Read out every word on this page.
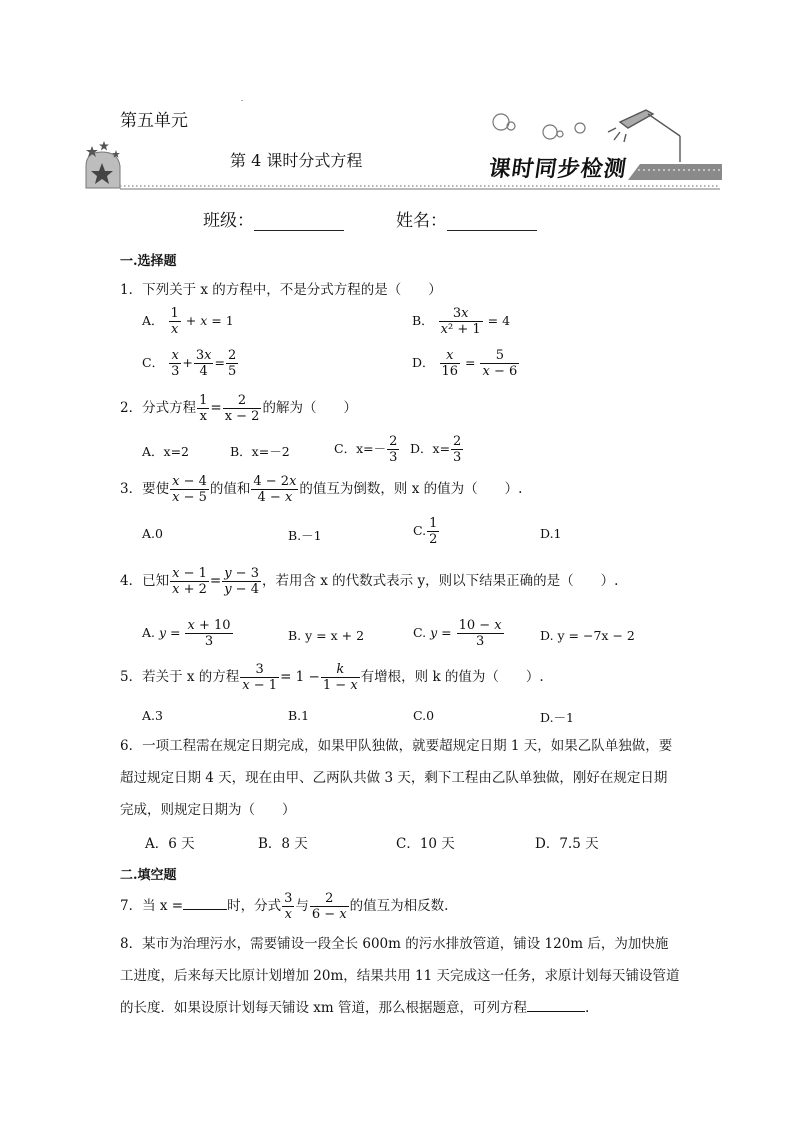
第五单元
第 4 课时分式方程	课时同步检测
班级：	姓名：
一.选择题
1．下列关于 x 的方程中，不是分式方程的是（　　）
A． $\frac{1}{x} + x = 1$	B． $\frac{3x}{\text{x² + 1}} = 4$
C． $\frac{x}{3} + \frac{3x}{4} = \frac{2}{5}$	D． $\frac{x}{16} = \frac{5}{x - 6}$
2．分式方程 $\frac{1}{x} = \frac{2}{x - 2}$ 的解为（　　）
A．x=2	B．x=－2	C．$x=- \frac{2}{3}$ D．$x= \frac{2}{3}$
3．要使 $\frac{x - 4}{x - 5}$ 的值和 $\frac{4 - 2x}{4 - x}$ 的值互为倒数，则 x 的值为（　　）.
A.0	B.－1	C. $\frac{1}{2}$	D.1
4．已知 $\frac{x - 1}{x + 2} = \frac{y - 3}{y - 4}$ ，若用含 x 的代数式表示 y，则以下结果正确的是（　　）.
A. $y = \frac{x + 10}{3}$	B. y = x + 2	C. $y = \frac{10 - x}{3}$	D. y = −7x − 2
5．若关于 x 的方程 $\frac{3}{x - 1} = 1 - \frac{k}{1 - x}$ 有增根，则 k 的值为（　　）.
A.3	B.1	C.0	D.－1
6．一项工程需在规定日期完成，如果甲队独做，就要超规定日期 1 天，如果乙队单独做，要超过规定日期 4 天，现在由甲、乙两队共做 3 天，剩下工程由乙队单独做，刚好在规定日期完成，则规定日期为（　　）
A．6 天	B．8 天	C．10 天	D．7.5 天
二.填空题
7．当 x =	时，分式 $\frac{3}{x}$ 与 $\frac{2}{6 - x}$ 的值互为相反数.
8．某市为治理污水，需要铺设一段全长 600m 的污水排放管道，铺设 120m 后，为加快施工进度，后来每天比原计划增加 20m，结果共用 11 天完成这一任务，求原计划每天铺设管道的长度．如果设原计划每天铺设 xm 管道，那么根据题意，可列方程	.
